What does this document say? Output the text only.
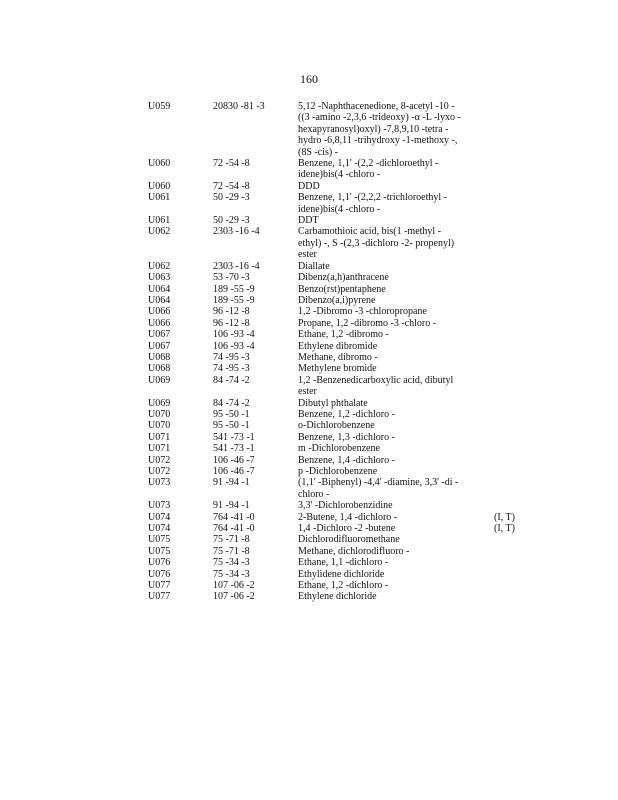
160
U059	20830 -81 -3	5,12 -Naphthacenedione, 8-acetyl -10 -
((3 -amino -2,3,6 -trideoxy) -α -L -lyxo -
hexapyranosyl)oxyl) -7,8,9,10 -tetra -
hydro -6,8,11 -trihydroxy -1-methoxy -,
(8S -cis) -
U060	72 -54 -8	Benzene, 1,1' -(2,2 -dichloroethyl -
idene)bis(4 -chloro -
U060	72 -54 -8	DDD
U061	50 -29 -3	Benzene, 1,1' -(2,2,2 -trichloroethyl -
idene)bis(4 -chloro -
U061	50 -29 -3	DDT
U062	2303 -16 -4	Carbamothioic acid, bis(1 -methyl -
ethyl) -, S -(2,3 -dichloro -2- propenyl)
ester
U062	2303 -16 -4	Diallate
U063	53 -70 -3	Dibenz(a,h)anthracene
U064	189 -55 -9	Benzo(rst)pentaphene
U064	189 -55 -9	Dibenzo(a,i)pyrene
U066	96 -12 -8	1,2 -Dibromo -3 -chloropropane
U066	96 -12 -8	Propane, 1,2 -dibromo -3 -chloro -
U067	106 -93 -4	Ethane, 1,2 -dibromo -
U067	106 -93 -4	Ethylene dibromide
U068	74 -95 -3	Methane, dibromo -
U068	74 -95 -3	Methylene bromide
U069	84 -74 -2	1,2 -Benzenedicarboxylic acid, dibutyl
ester
U069	84 -74 -2	Dibutyl phthalate
U070	95 -50 -1	Benzene, 1,2 -dichloro -
U070	95 -50 -1	o-Dichlorobenzene
U071	541 -73 -1	Benzene, 1,3 -dichloro -
U071	541 -73 -1	m -Dichlorobenzene
U072	106 -46 -7	Benzene, 1,4 -dichloro -
U072	106 -46 -7	p -Dichlorobenzene
U073	91 -94 -1	(1,1' -Biphenyl) -4,4' -diamine, 3,3' -di -
chloro -
U073	91 -94 -1	3,3' -Dichlorobenzidine
U074	764 -41 -0	2-Butene, 1,4 -dichloro -	(I, T)
U074	764 -41 -0	1,4 -Dichloro -2 -butene	(I, T)
U075	75 -71 -8	Dichlorodifluoromethane
U075	75 -71 -8	Methane, dichlorodifluoro -
U076	75 -34 -3	Ethane, 1,1 -dichloro -
U076	75 -34 -3	Ethylidene dichloride
U077	107 -06 -2	Ethane, 1,2 -dichloro -
U077	107 -06 -2	Ethylene dichloride
